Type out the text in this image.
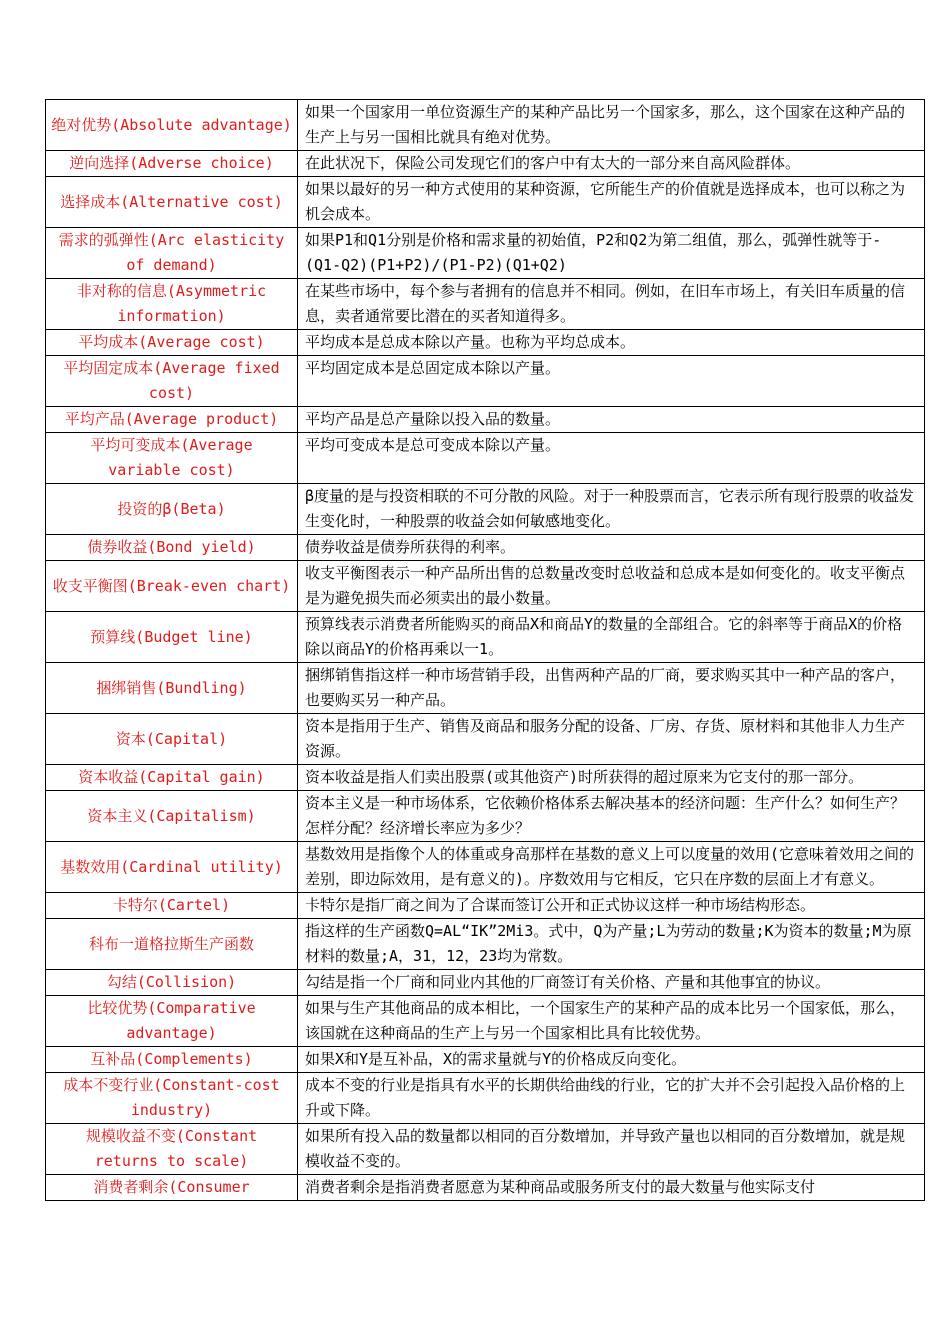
绝对优势(Absolute advantage)	如果一个国家用一单位资源生产的某种产品比另一个国家多，那么，这个国家在这种产品的生产上与另一国相比就具有绝对优势。
逆向选择(Adverse choice)	在此状况下，保险公司发现它们的客户中有太大的一部分来自高风险群体。
选择成本(Alternative cost)	如果以最好的另一种方式使用的某种资源，它所能生产的价值就是选择成本，也可以称之为机会成本。
需求的弧弹性(Arc elasticity of demand)	如果P1和Q1分别是价格和需求量的初始值，P2和Q2为第二组值，那么，弧弹性就等于-(Q1-Q2)(P1+P2)/(P1-P2)(Q1+Q2)
非对称的信息(Asymmetric information)	在某些市场中，每个参与者拥有的信息并不相同。例如，在旧车市场上，有关旧车质量的信息，卖者通常要比潜在的买者知道得多。
平均成本(Average cost)	平均成本是总成本除以产量。也称为平均总成本。
平均固定成本(Average fixed cost)	平均固定成本是总固定成本除以产量。
平均产品(Average product)	平均产品是总产量除以投入品的数量。
平均可变成本(Average variable cost)	平均可变成本是总可变成本除以产量。
投资的β(Beta)	β度量的是与投资相联的不可分散的风险。对于一种股票而言，它表示所有现行股票的收益发生变化时，一种股票的收益会如何敏感地变化。
债券收益(Bond yield)	债券收益是债券所获得的利率。
收支平衡图(Break-even chart)	收支平衡图表示一种产品所出售的总数量改变时总收益和总成本是如何变化的。收支平衡点是为避免损失而必须卖出的最小数量。
预算线(Budget line)	预算线表示消费者所能购买的商品X和商品Y的数量的全部组合。它的斜率等于商品X的价格除以商品Y的价格再乘以一1。
捆绑销售(Bundling)	捆绑销售指这样一种市场营销手段，出售两种产品的厂商，要求购买其中一种产品的客户，也要购买另一种产品。
资本(Capital)	资本是指用于生产、销售及商品和服务分配的设备、厂房、存货、原材料和其他非人力生产资源。
资本收益(Capital gain)	资本收益是指人们卖出股票(或其他资产)时所获得的超过原来为它支付的那一部分。
资本主义(Capitalism)	资本主义是一种市场体系，它依赖价格体系去解决基本的经济问题：生产什么？如何生产？怎样分配？经济增长率应为多少？
基数效用(Cardinal utility)	基数效用是指像个人的体重或身高那样在基数的意义上可以度量的效用(它意味着效用之间的差别，即边际效用，是有意义的)。序数效用与它相反，它只在序数的层面上才有意义。
卡特尔(Cartel)	卡特尔是指厂商之间为了合谋而签订公开和正式协议这样一种市场结构形态。
科布一道格拉斯生产函数	指这样的生产函数Q=AL“IK”2Mi3。式中，Q为产量;L为劳动的数量;K为资本的数量;M为原材料的数量;A，31，12，23均为常数。
勾结(Collision)	勾结是指一个厂商和同业内其他的厂商签订有关价格、产量和其他事宜的协议。
比较优势(Comparative advantage)	如果与生产其他商品的成本相比，一个国家生产的某种产品的成本比另一个国家低，那么，该国就在这种商品的生产上与另一个国家相比具有比较优势。
互补品(Complements)	如果X和Y是互补品，X的需求量就与Y的价格成反向变化。
成本不变行业(Constant-cost industry)	成本不变的行业是指具有水平的长期供给曲线的行业，它的扩大并不会引起投入品价格的上升或下降。
规模收益不变(Constant returns to scale)	如果所有投入品的数量都以相同的百分数增加，并导致产量也以相同的百分数增加，就是规模收益不变的。
消费者剩余(Consumer	消费者剩余是指消费者愿意为某种商品或服务所支付的最大数量与他实际支付
